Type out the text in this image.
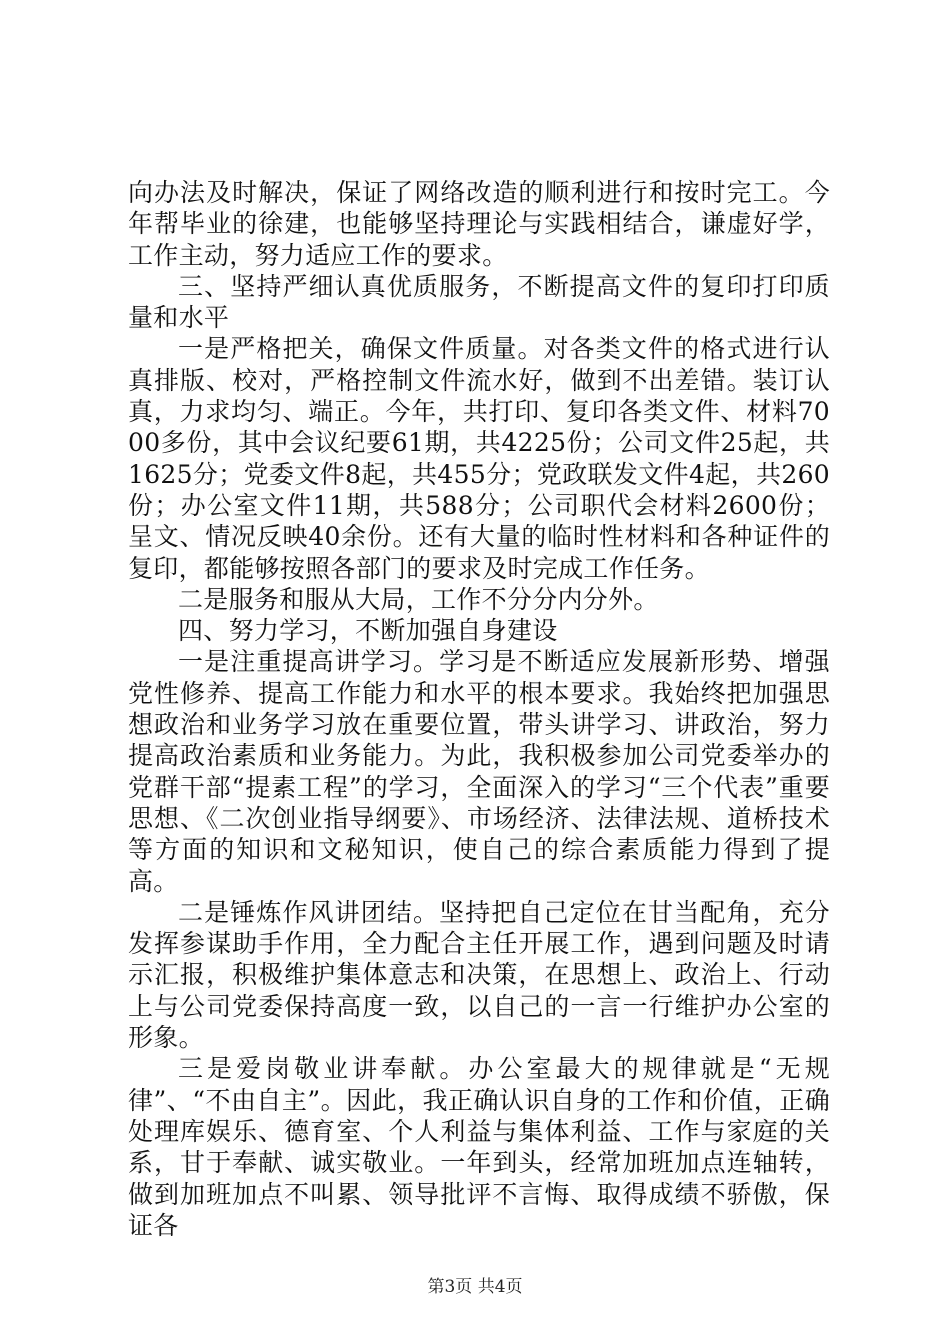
向办法及时解决，保证了网络改造的顺利进行和按时完工。今年帮毕业的徐建，也能够坚持理论与实践相结合，谦虚好学，工作主动，努力适应工作的要求。

三、坚持严细认真优质服务，不断提高文件的复印打印质量和水平

一是严格把关，确保文件质量。对各类文件的格式进行认真排版、校对，严格控制文件流水好，做到不出差错。装订认真，力求均匀、端正。今年，共打印、复印各类文件、材料7000多份，其中会议纪要61期，共4225份；公司文件25起，共1625分；党委文件8起，共455分；党政联发文件4起，共260份；办公室文件11期，共588分；公司职代会材料2600份；呈文、情况反映40余份。还有大量的临时性材料和各种证件的复印，都能够按照各部门的要求及时完成工作任务。

二是服务和服从大局，工作不分分内分外。

四、努力学习，不断加强自身建设

一是注重提高讲学习。学习是不断适应发展新形势、增强党性修养、提高工作能力和水平的根本要求。我始终把加强思想政治和业务学习放在重要位置，带头讲学习、讲政治，努力提高政治素质和业务能力。为此，我积极参加公司党委举办的党群干部“提素工程”的学习，全面深入的学习“三个代表”重要思想、《二次创业指导纲要》、市场经济、法律法规、道桥技术等方面的知识和文秘知识，使自己的综合素质能力得到了提高。

二是锤炼作风讲团结。坚持把自己定位在甘当配角，充分发挥参谋助手作用，全力配合主任开展工作，遇到问题及时请示汇报，积极维护集体意志和决策，在思想上、政治上、行动上与公司党委保持高度一致，以自己的一言一行维护办公室的形象。

三是爱岗敬业讲奉献。办公室最大的规律就是“无规律”、“不由自主”。因此，我正确认识自身的工作和价值，正确处理库娱乐、德育室、个人利益与集体利益、工作与家庭的关系，甘于奉献、诚实敬业。一年到头，经常加班加点连轴转，做到加班加点不叫累、领导批评不言悔、取得成绩不骄傲，保证各

第3页 共4页
